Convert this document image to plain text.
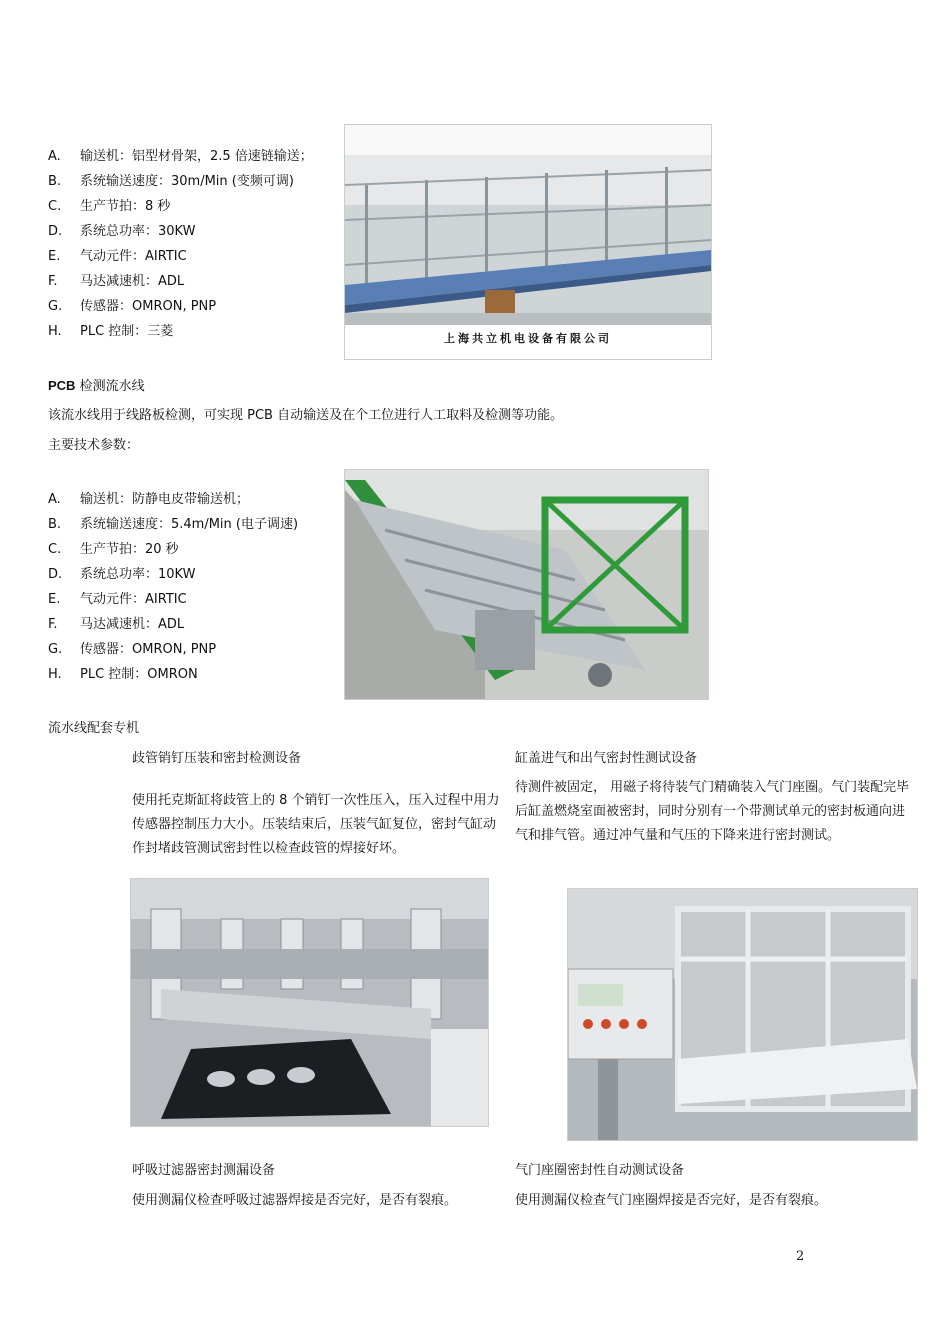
A. 输送机：铝型材骨架，2.5 倍速链输送；
B. 系统输送速度：30m/Min (变频可调)
C. 生产节拍：8 秒
D. 系统总功率：30KW
E. 气动元件：AIRTIC
F. 马达减速机：ADL
G. 传感器：OMRON, PNP
H. PLC 控制：三菱	上海共立机电设备有限公司
PCB 检测流水线
该流水线用于线路板检测，可实现 PCB 自动输送及在个工位进行人工取料及检测等功能。
主要技术参数：
A. 输送机：防静电皮带输送机；
B. 系统输送速度：5.4m/Min (电子调速)
C. 生产节拍：20 秒
D. 系统总功率：10KW
E. 气动元件：AIRTIC
F. 马达减速机：ADL
G. 传感器：OMRON, PNP
H. PLC 控制：OMRON
流水线配套专机
歧管销钉压装和密封检测设备
使用托克斯缸将歧管上的 8 个销钉一次性压入，压入过程中用力传感器控制压力大小。压装结束后，压装气缸复位，密封气缸动作封堵歧管测试密封性以检查歧管的焊接好坏。
缸盖进气和出气密封性测试设备
待测件被固定， 用磁子将待装气门精确装入气门座圈。气门装配完毕后缸盖燃烧室面被密封，同时分别有一个带测试单元的密封板通向进气和排气管。通过冲气量和气压的下降来进行密封测试。
呼吸过滤器密封测漏设备
使用测漏仪检查呼吸过滤器焊接是否完好，是否有裂痕。
气门座圈密封性自动测试设备
使用测漏仪检查气门座圈焊接是否完好，是否有裂痕。
2
